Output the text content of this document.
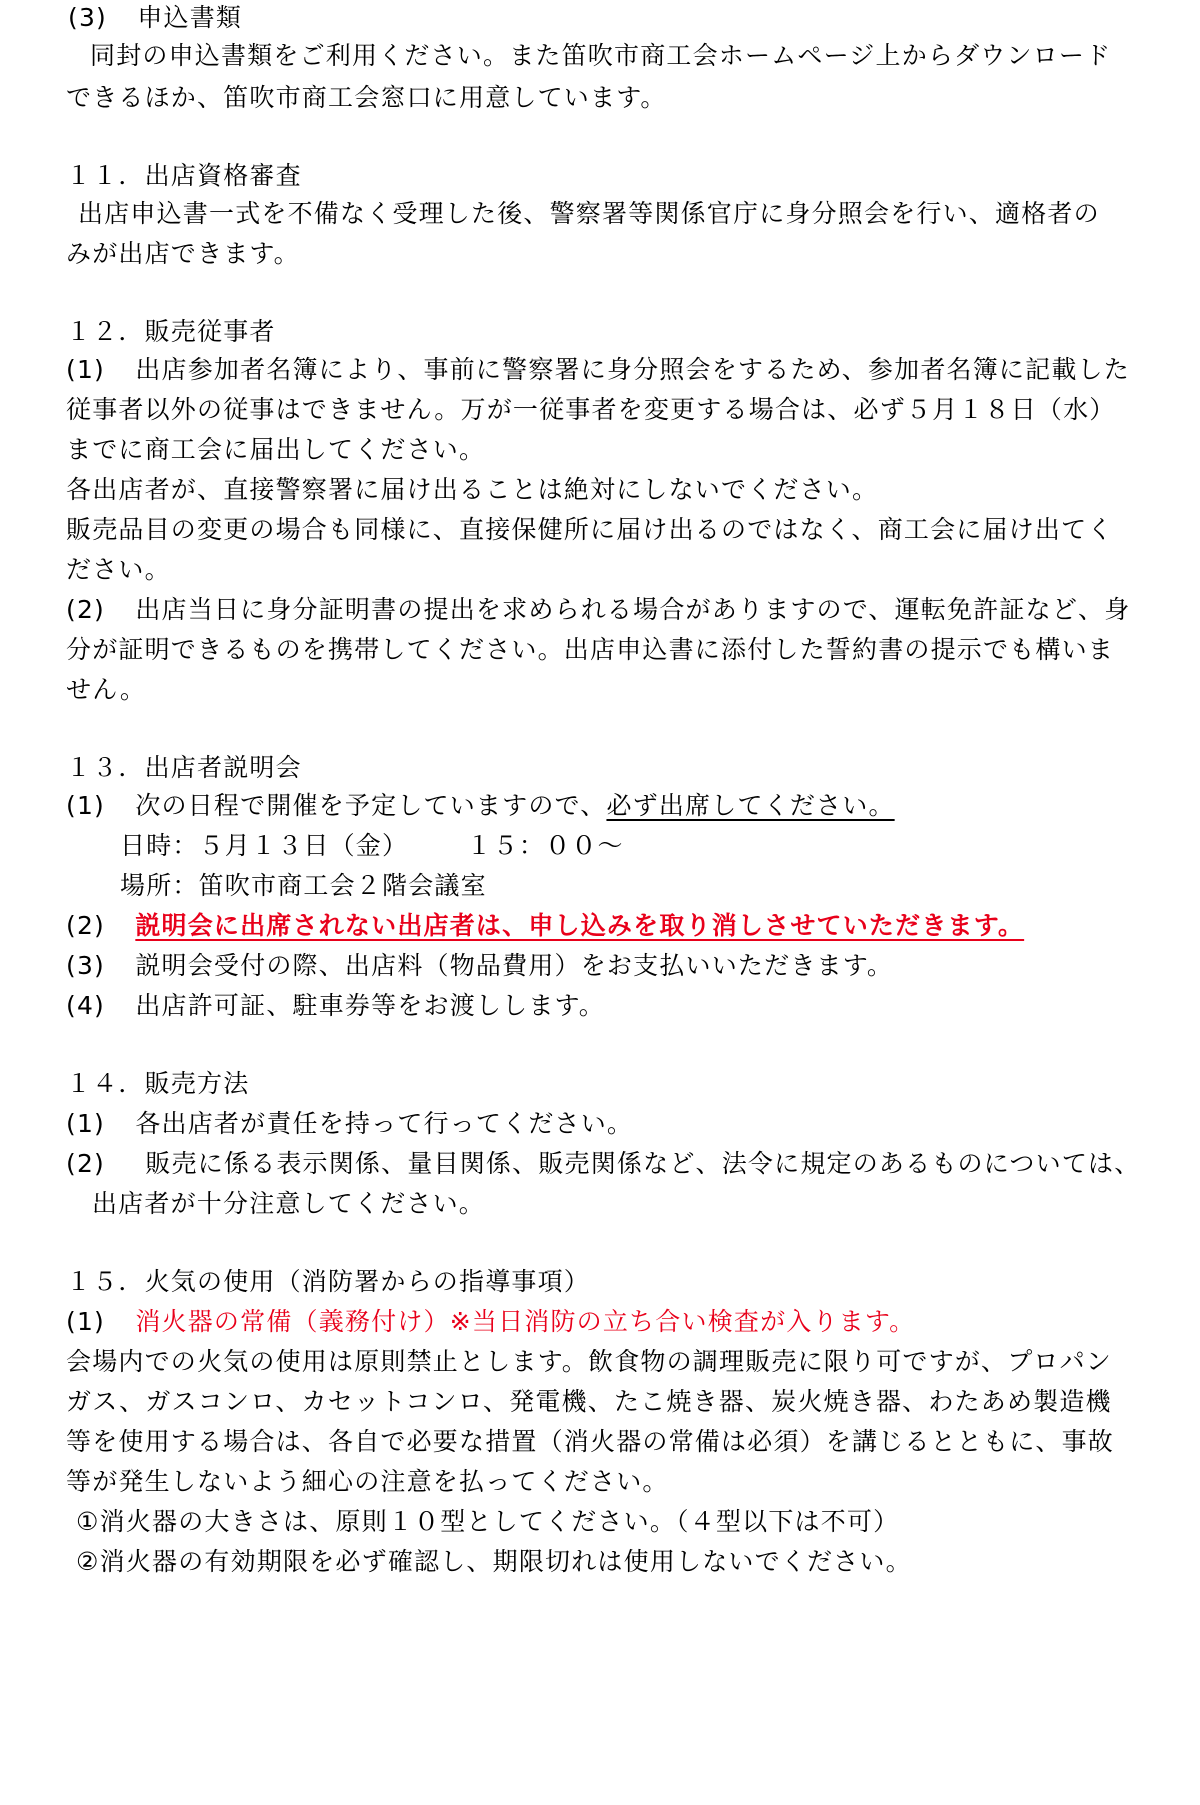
(3) 申込書類
同封の申込書類をご利用ください。また笛吹市商工会ホームページ上からダウンロード
できるほか、笛吹市商工会窓口に用意しています。
１１．出店資格審査
出店申込書一式を不備なく受理した後、警察署等関係官庁に身分照会を行い、適格者の
みが出店できます。
１２．販売従事者
(1) 出店参加者名簿により、事前に警察署に身分照会をするため、参加者名簿に記載した
従事者以外の従事はできません。万が一従事者を変更する場合は、必ず５月１８日（水）
までに商工会に届出してください。
各出店者が、直接警察署に届け出ることは絶対にしないでください。
販売品目の変更の場合も同様に、直接保健所に届け出るのではなく、商工会に届け出てく
ださい。
(2) 出店当日に身分証明書の提出を求められる場合がありますので、運転免許証など、身
分が証明できるものを携帯してください。出店申込書に添付した誓約書の提示でも構いま
せん。
１３．出店者説明会
(1) 次の日程で開催を予定していますので、必ず出席してください。
日時：５月１３日（金） １５：００～
場所：笛吹市商工会２階会議室
(2) 説明会に出席されない出店者は、申し込みを取り消しさせていただきます。
(3) 説明会受付の際、出店料（物品費用）をお支払いいただきます。
(4) 出店許可証、駐車券等をお渡しします。
１４．販売方法
(1) 各出店者が責任を持って行ってください。
(2) 販売に係る表示関係、量目関係、販売関係など、法令に規定のあるものについては、
出店者が十分注意してください。
１５．火気の使用（消防署からの指導事項）
(1) 消火器の常備（義務付け）※当日消防の立ち合い検査が入ります。
会場内での火気の使用は原則禁止とします。飲食物の調理販売に限り可ですが、プロパン
ガス、ガスコンロ、カセットコンロ、発電機、たこ焼き器、炭火焼き器、わたあめ製造機
等を使用する場合は、各自で必要な措置（消火器の常備は必須）を講じるとともに、事故
等が発生しないよう細心の注意を払ってください。
①消火器の大きさは、原則１０型としてください。（４型以下は不可）
②消火器の有効期限を必ず確認し、期限切れは使用しないでください。
